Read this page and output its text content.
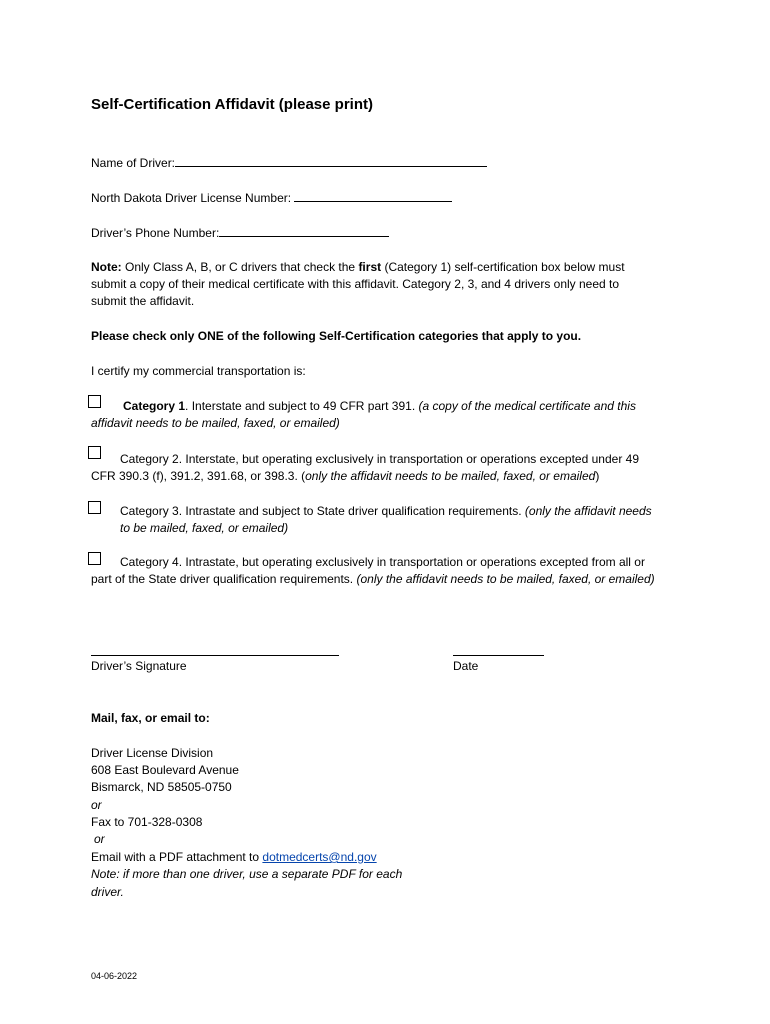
Self-Certification Affidavit (please print)
Name of Driver:
North Dakota Driver License Number:
Driver’s Phone Number:
Note: Only Class A, B, or C drivers that check the first (Category 1) self-certification box below must submit a copy of their medical certificate with this affidavit. Category 2, 3, and 4 drivers only need to submit the affidavit.
Please check only ONE of the following Self-Certification categories that apply to you.
I certify my commercial transportation is:
Category 1. Interstate and subject to 49 CFR part 391. (a copy of the medical certificate and this affidavit needs to be mailed, faxed, or emailed)
Category 2. Interstate, but operating exclusively in transportation or operations excepted under 49 CFR 390.3 (f), 391.2, 391.68, or 398.3. (only the affidavit needs to be mailed, faxed, or emailed)
Category 3. Intrastate and subject to State driver qualification requirements. (only the affidavit needs to be mailed, faxed, or emailed)
Category 4. Intrastate, but operating exclusively in transportation or operations excepted from all or part of the State driver qualification requirements. (only the affidavit needs to be mailed, faxed, or emailed)
Driver’s Signature	Date
Mail, fax, or email to:
Driver License Division
608 East Boulevard Avenue
Bismarck, ND 58505-0750
or
Fax to 701-328-0308
or
Email with a PDF attachment to dotmedcerts@nd.gov
Note: if more than one driver, use a separate PDF for each
driver.
04-06-2022
